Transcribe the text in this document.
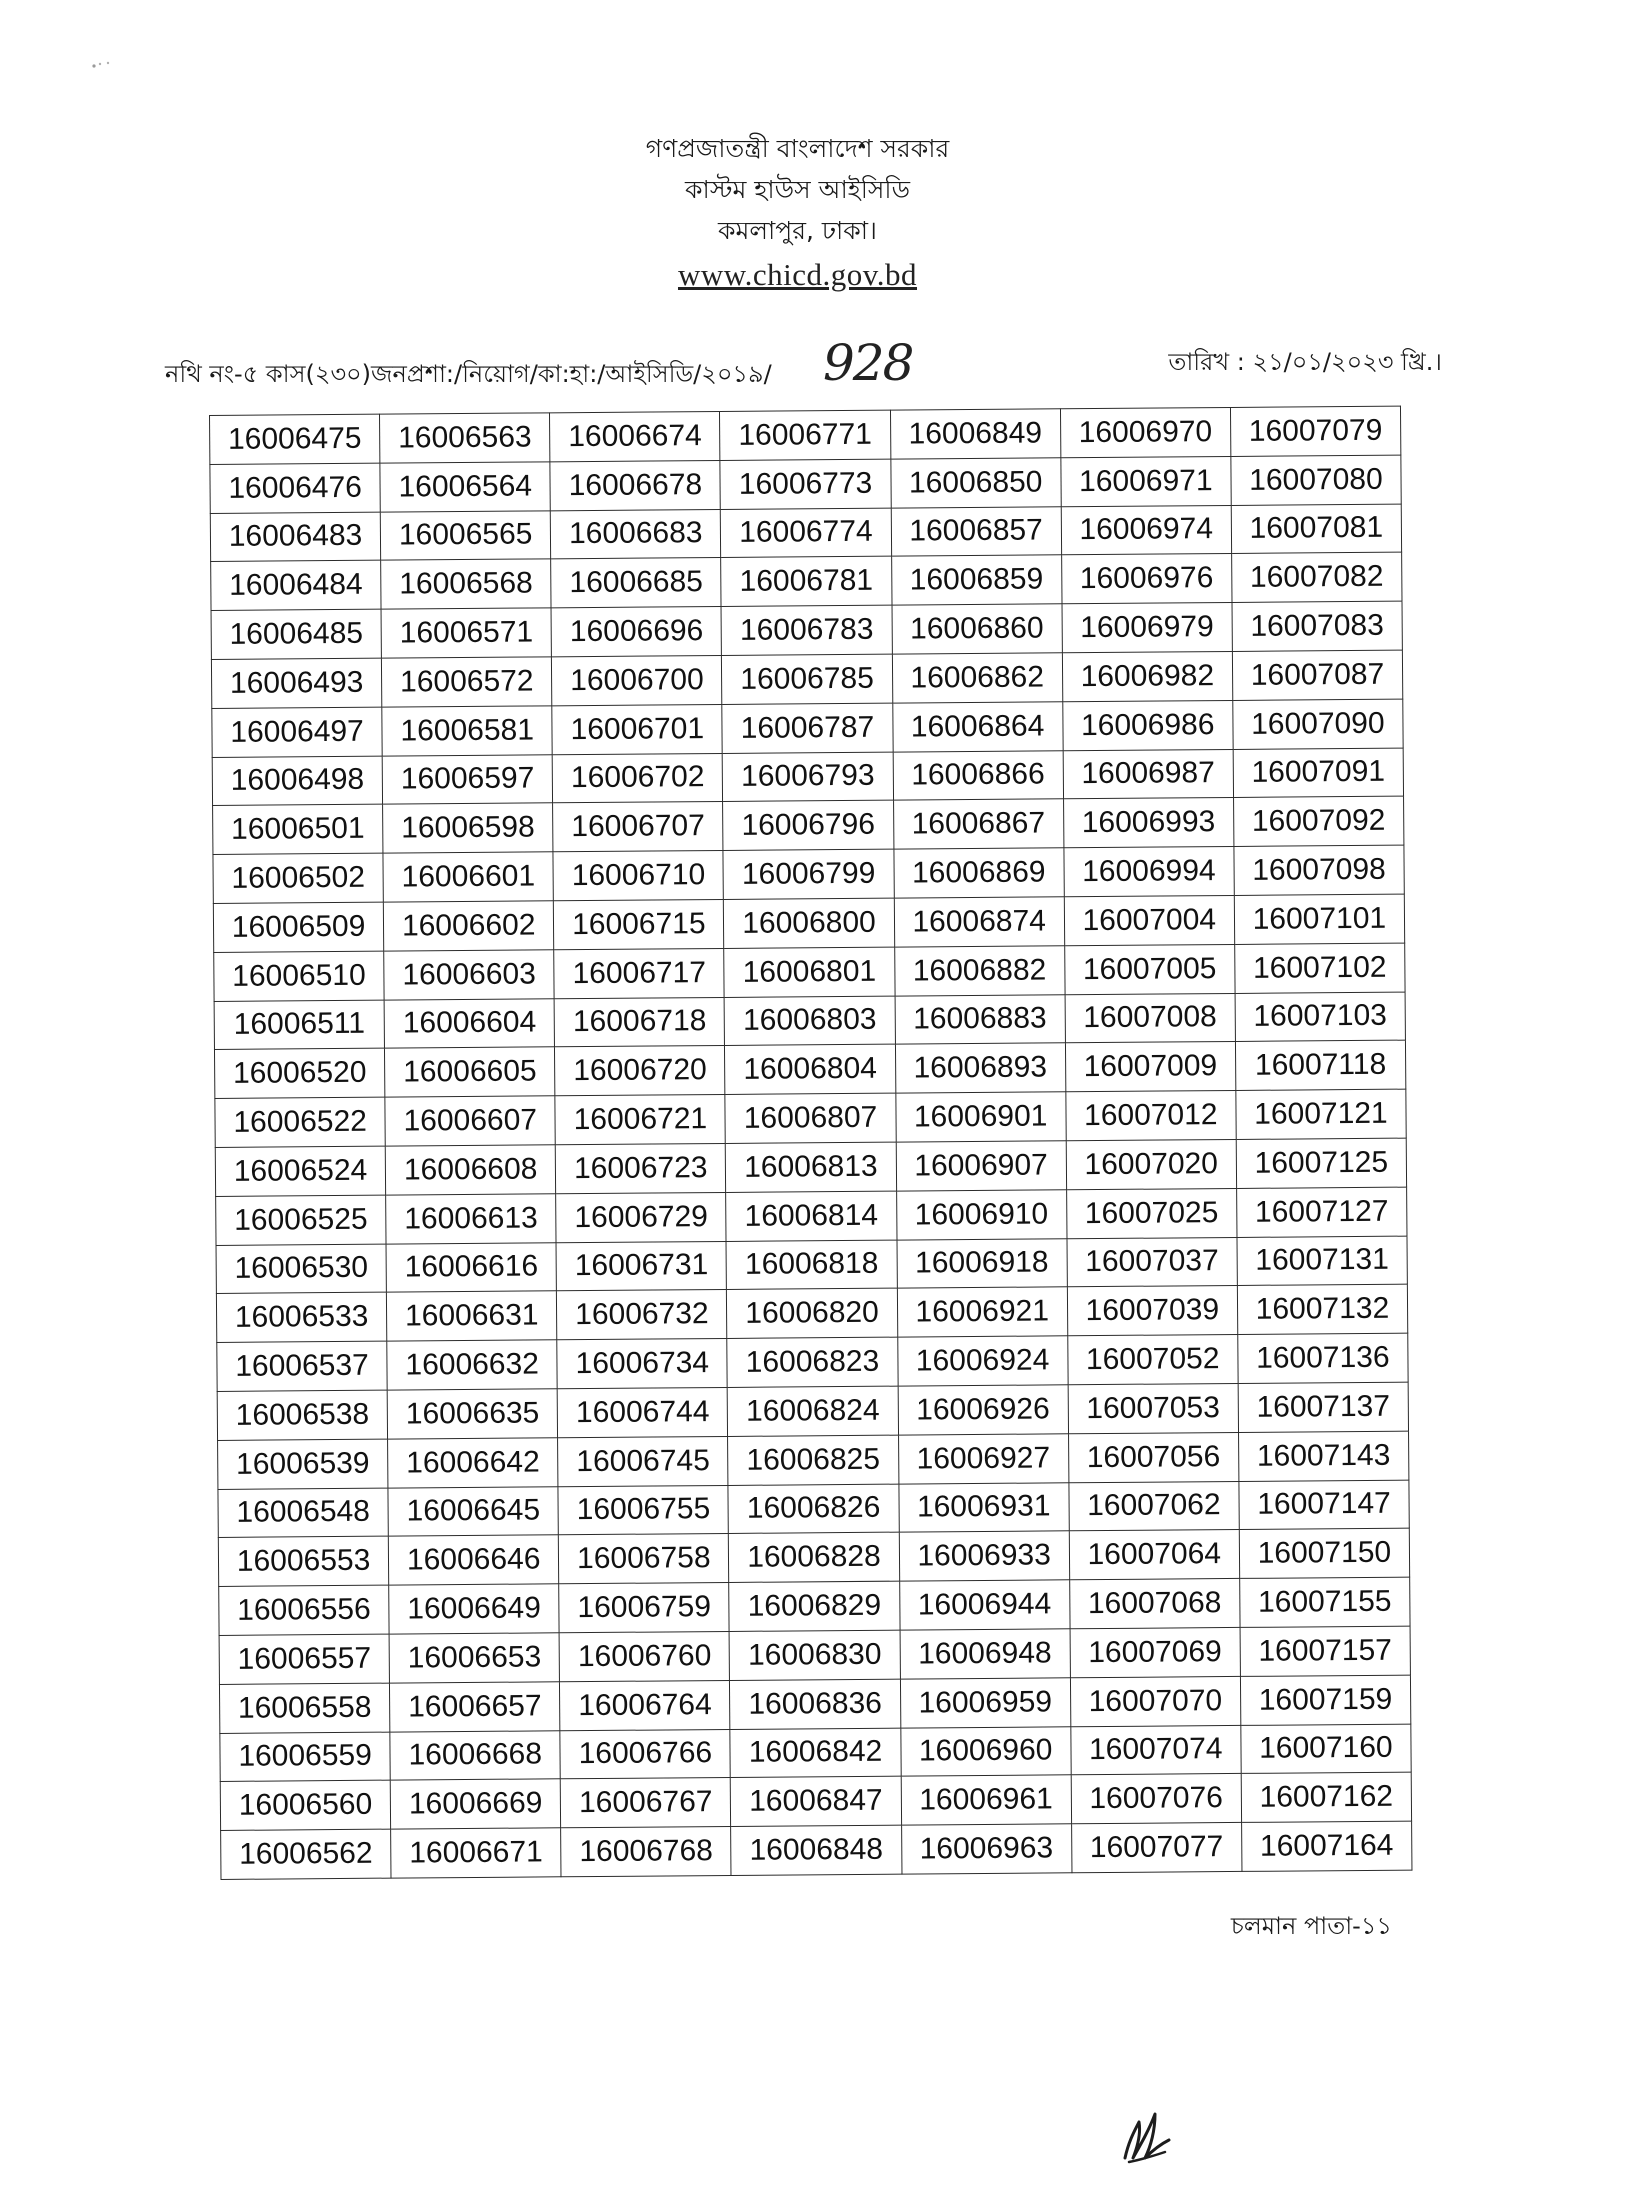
গণপ্রজাতন্ত্রী বাংলাদেশ সরকার
কাস্টম হাউস আইসিডি
কমলাপুর, ঢাকা।
www.chicd.gov.bd
নথি নং-৫ কাস(২৩০)জনপ্রশা:/নিয়োগ/কা:হা:/আইসিডি/২০১৯/ 928	তারিখ : ২১/০১/২০২৩ খ্রি.।
16006475	16006563	16006674	16006771	16006849	16006970	16007079
16006476	16006564	16006678	16006773	16006850	16006971	16007080
16006483	16006565	16006683	16006774	16006857	16006974	16007081
16006484	16006568	16006685	16006781	16006859	16006976	16007082
16006485	16006571	16006696	16006783	16006860	16006979	16007083
16006493	16006572	16006700	16006785	16006862	16006982	16007087
16006497	16006581	16006701	16006787	16006864	16006986	16007090
16006498	16006597	16006702	16006793	16006866	16006987	16007091
16006501	16006598	16006707	16006796	16006867	16006993	16007092
16006502	16006601	16006710	16006799	16006869	16006994	16007098
16006509	16006602	16006715	16006800	16006874	16007004	16007101
16006510	16006603	16006717	16006801	16006882	16007005	16007102
16006511	16006604	16006718	16006803	16006883	16007008	16007103
16006520	16006605	16006720	16006804	16006893	16007009	16007118
16006522	16006607	16006721	16006807	16006901	16007012	16007121
16006524	16006608	16006723	16006813	16006907	16007020	16007125
16006525	16006613	16006729	16006814	16006910	16007025	16007127
16006530	16006616	16006731	16006818	16006918	16007037	16007131
16006533	16006631	16006732	16006820	16006921	16007039	16007132
16006537	16006632	16006734	16006823	16006924	16007052	16007136
16006538	16006635	16006744	16006824	16006926	16007053	16007137
16006539	16006642	16006745	16006825	16006927	16007056	16007143
16006548	16006645	16006755	16006826	16006931	16007062	16007147
16006553	16006646	16006758	16006828	16006933	16007064	16007150
16006556	16006649	16006759	16006829	16006944	16007068	16007155
16006557	16006653	16006760	16006830	16006948	16007069	16007157
16006558	16006657	16006764	16006836	16006959	16007070	16007159
16006559	16006668	16006766	16006842	16006960	16007074	16007160
16006560	16006669	16006767	16006847	16006961	16007076	16007162
16006562	16006671	16006768	16006848	16006963	16007077	16007164
চলমান পাতা-১১
